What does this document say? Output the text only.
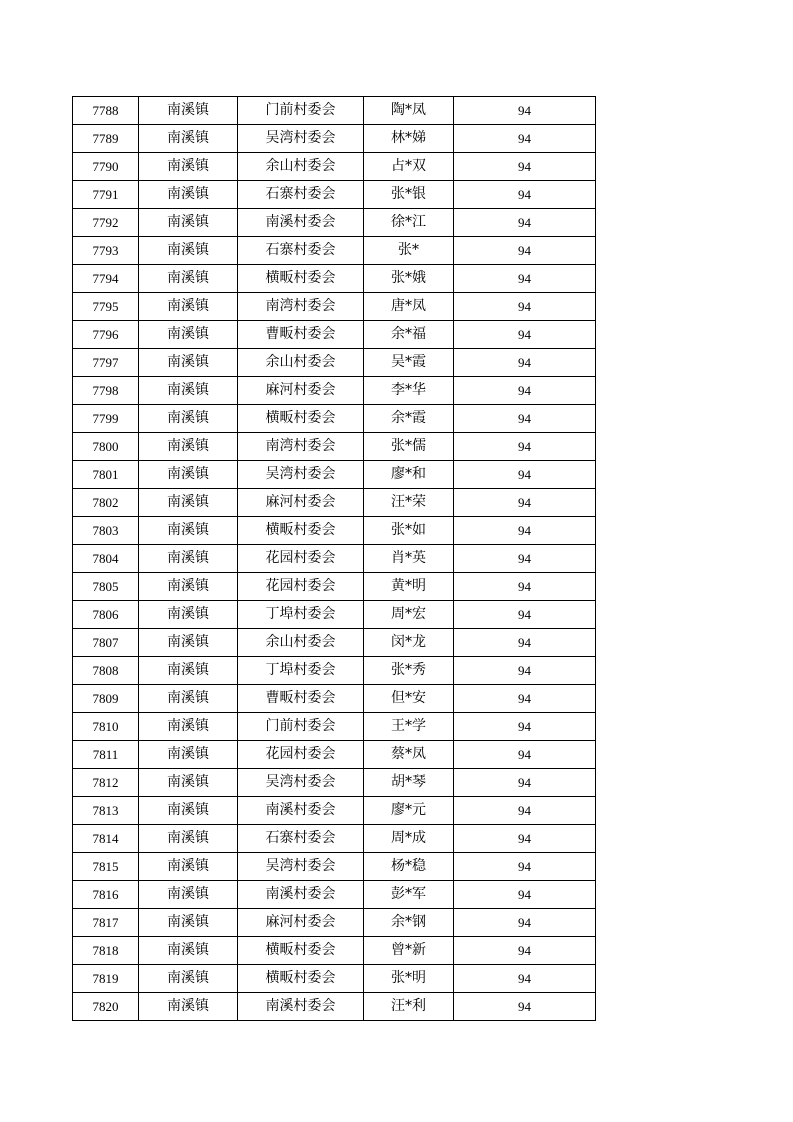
7788	南溪镇	门前村委会	陶*凤	94
7789	南溪镇	吴湾村委会	林*娣	94
7790	南溪镇	余山村委会	占*双	94
7791	南溪镇	石寨村委会	张*银	94
7792	南溪镇	南溪村委会	徐*江	94
7793	南溪镇	石寨村委会	张*	94
7794	南溪镇	横畈村委会	张*娥	94
7795	南溪镇	南湾村委会	唐*凤	94
7796	南溪镇	曹畈村委会	余*福	94
7797	南溪镇	余山村委会	吴*霞	94
7798	南溪镇	麻河村委会	李*华	94
7799	南溪镇	横畈村委会	余*霞	94
7800	南溪镇	南湾村委会	张*儒	94
7801	南溪镇	吴湾村委会	廖*和	94
7802	南溪镇	麻河村委会	汪*荣	94
7803	南溪镇	横畈村委会	张*如	94
7804	南溪镇	花园村委会	肖*英	94
7805	南溪镇	花园村委会	黄*明	94
7806	南溪镇	丁埠村委会	周*宏	94
7807	南溪镇	余山村委会	闵*龙	94
7808	南溪镇	丁埠村委会	张*秀	94
7809	南溪镇	曹畈村委会	但*安	94
7810	南溪镇	门前村委会	王*学	94
7811	南溪镇	花园村委会	蔡*凤	94
7812	南溪镇	吴湾村委会	胡*琴	94
7813	南溪镇	南溪村委会	廖*元	94
7814	南溪镇	石寨村委会	周*成	94
7815	南溪镇	吴湾村委会	杨*稳	94
7816	南溪镇	南溪村委会	彭*军	94
7817	南溪镇	麻河村委会	余*钢	94
7818	南溪镇	横畈村委会	曾*新	94
7819	南溪镇	横畈村委会	张*明	94
7820	南溪镇	南溪村委会	汪*利	94
